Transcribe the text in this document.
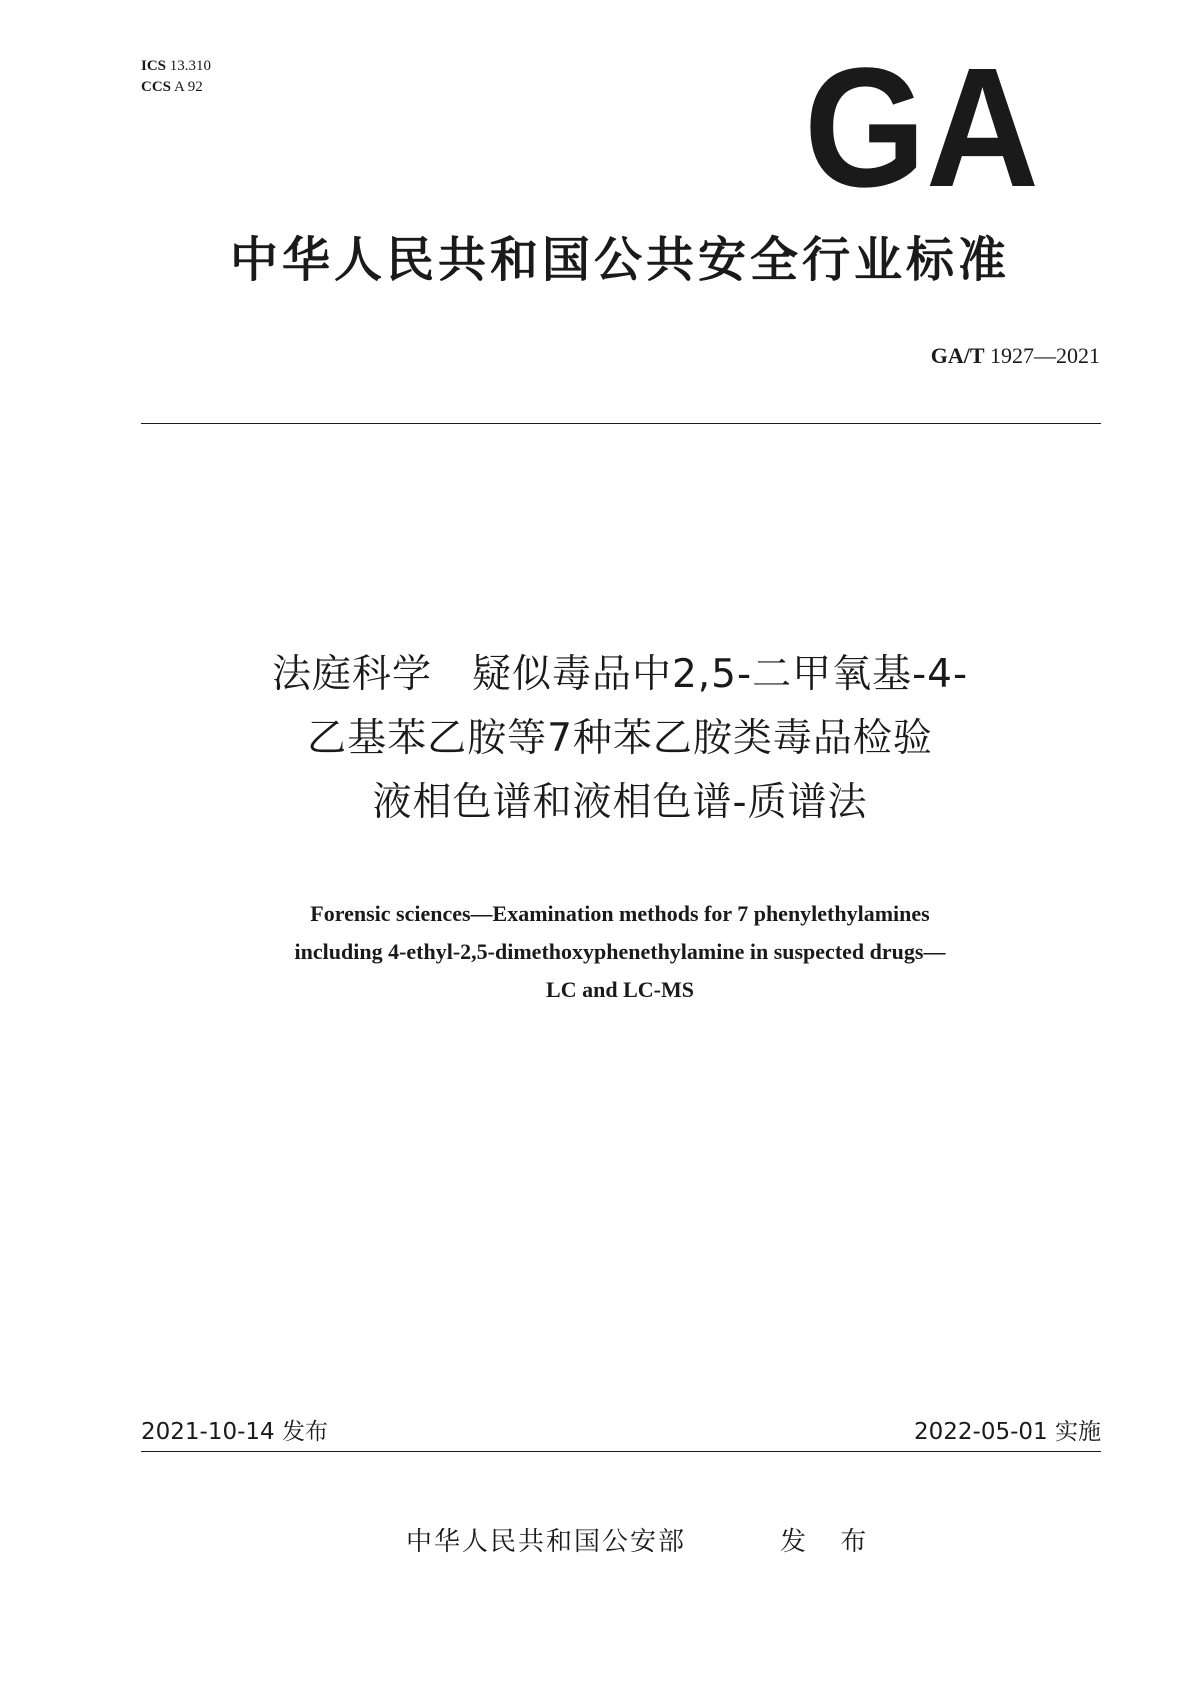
ICS 13.310
CCS A 92	GA
中华人民共和国公共安全行业标准
GA/T 1927—2021
法庭科学　疑似毒品中2,5-二甲氧基-4-
乙基苯乙胺等7种苯乙胺类毒品检验
液相色谱和液相色谱-质谱法
Forensic sciences—Examination methods for 7 phenylethylamines
including 4-ethyl-2,5-dimethoxyphenethylamine in suspected drugs—
LC and LC-MS
2021-10-14 发布	2022-05-01 实施
中华人民共和国公安部	发 布
